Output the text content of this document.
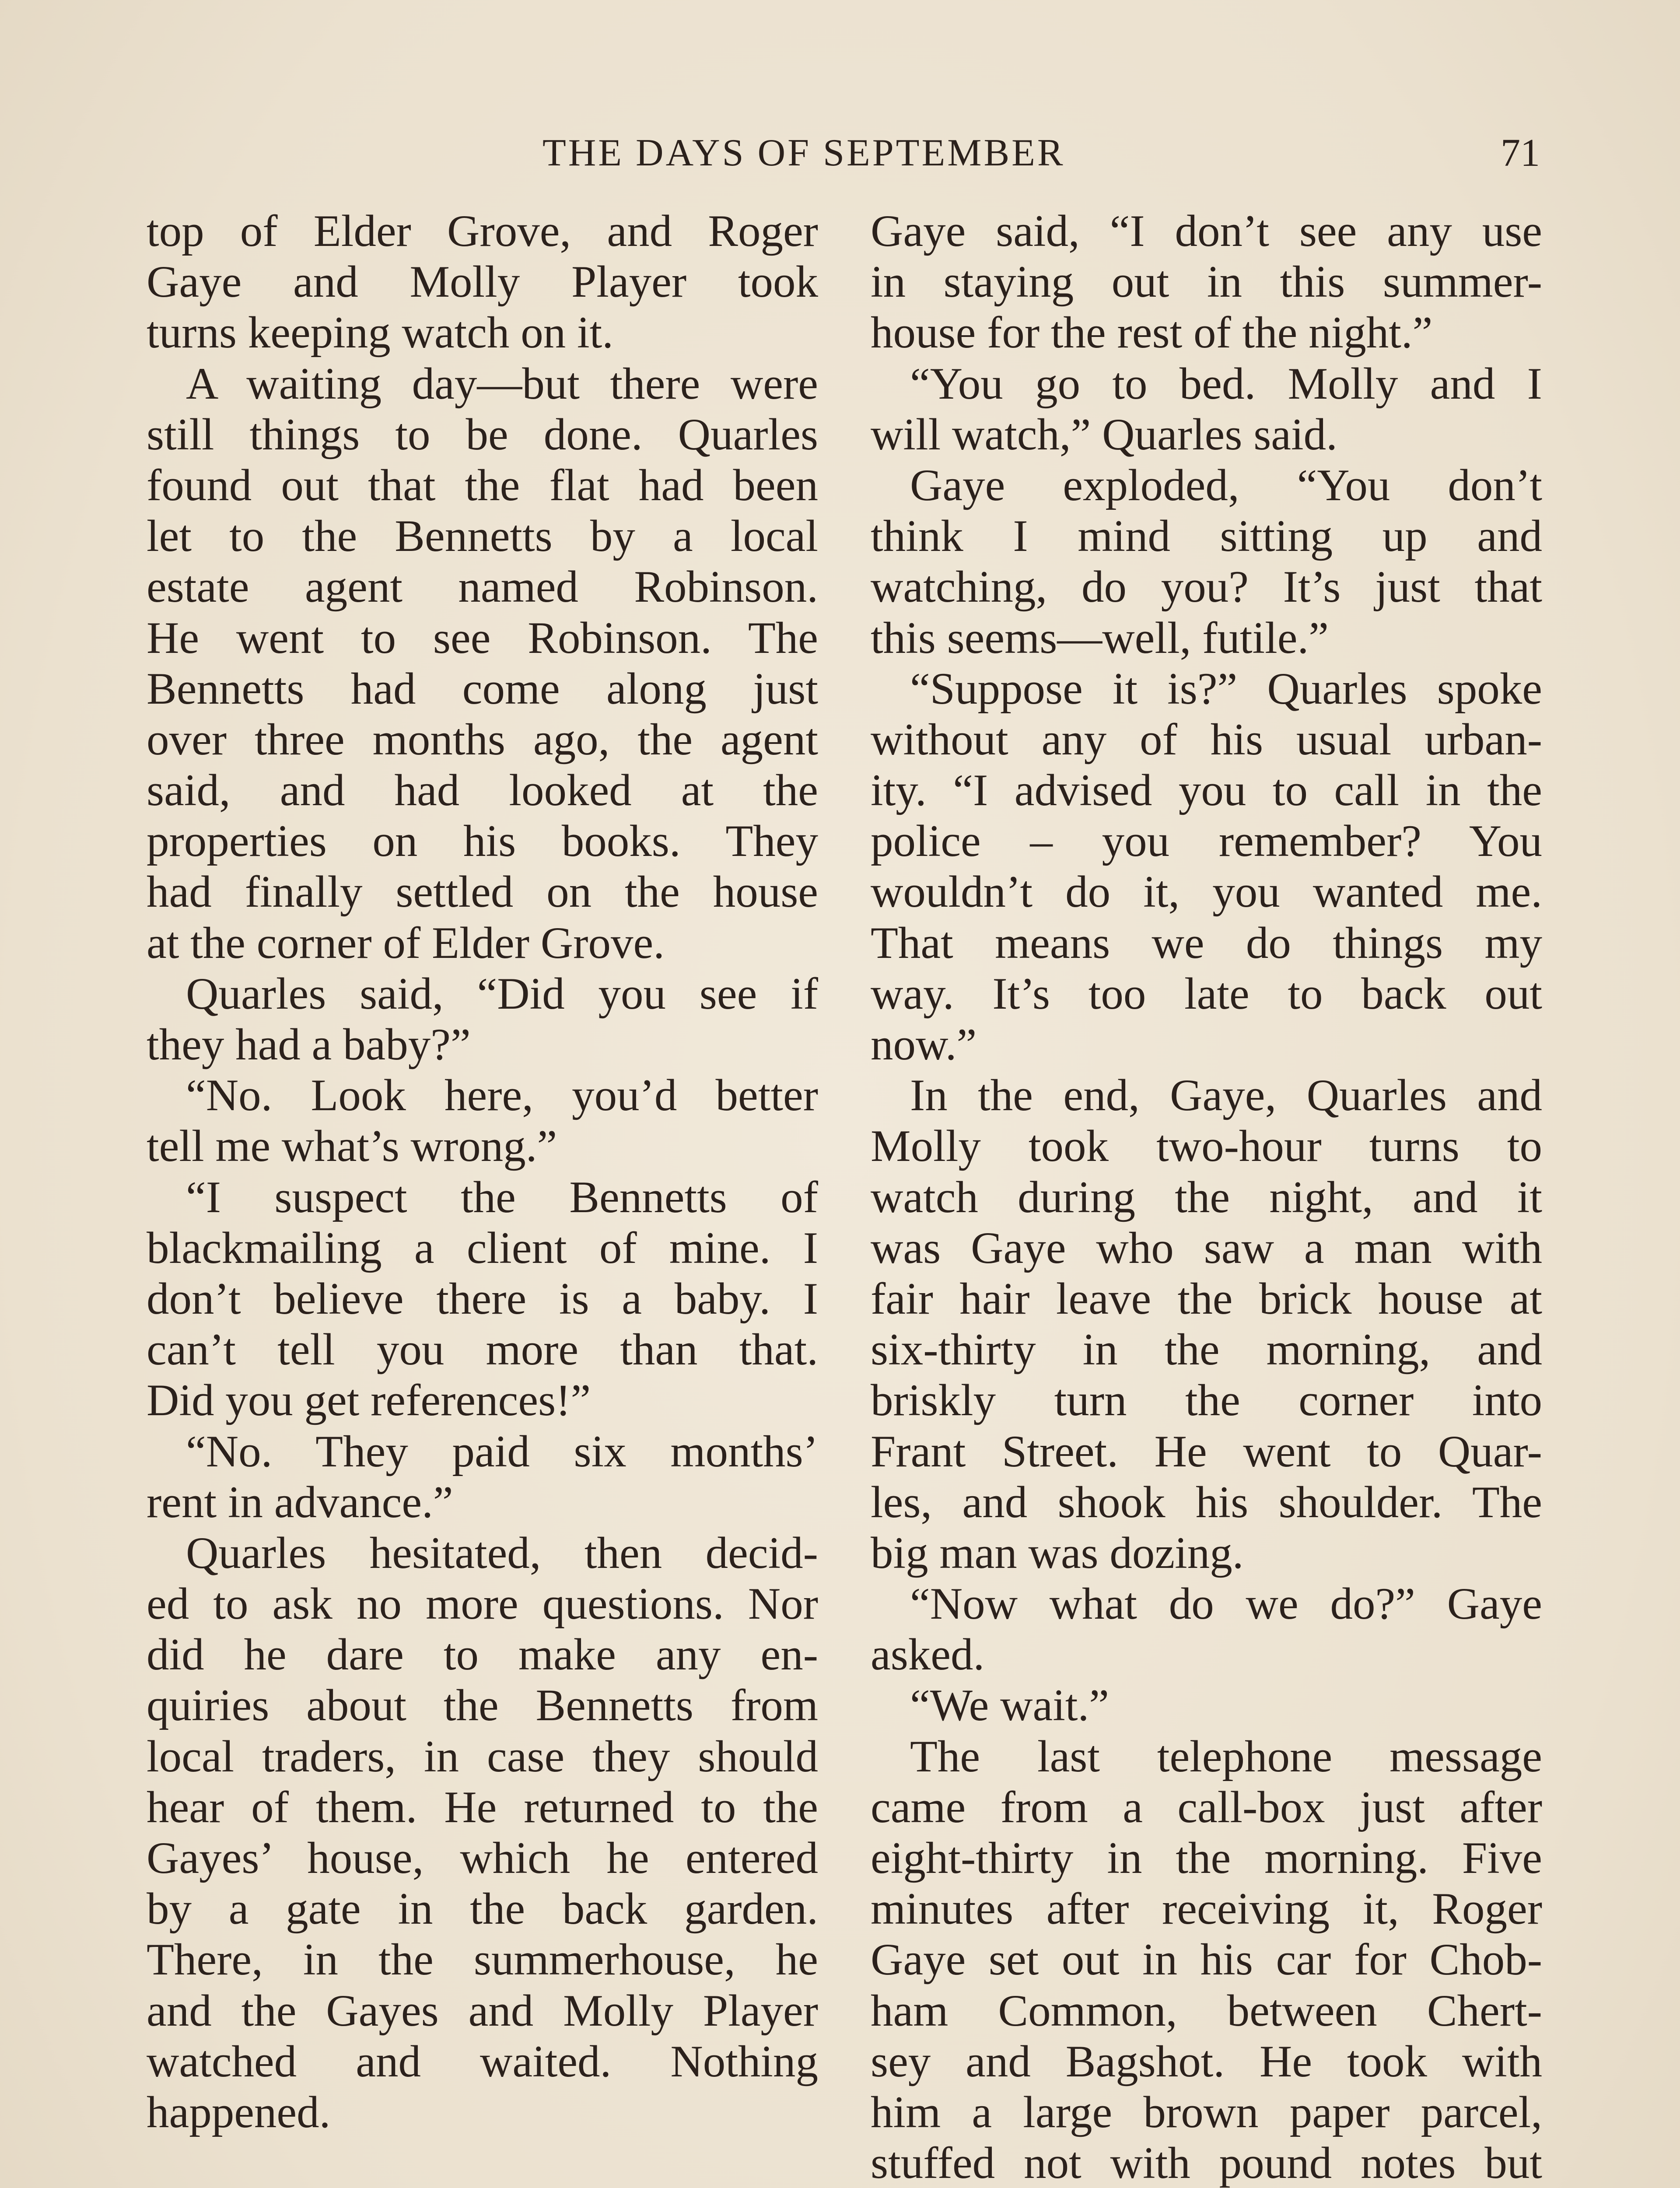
THE DAYS OF SEPTEMBER	71
top of Elder Grove, and Roger
Gaye and Molly Player took
turns keeping watch on it.
A waiting day—but there were
still things to be done. Quarles
found out that the flat had been
let to the Bennetts by a local
estate agent named Robinson.
He went to see Robinson. The
Bennetts had come along just
over three months ago, the agent
said, and had looked at the
properties on his books. They
had finally settled on the house
at the corner of Elder Grove.
Quarles said, “Did you see if
they had a baby?”
“No. Look here, you’d better
tell me what’s wrong.”
“I suspect the Bennetts of
blackmailing a client of mine. I
don’t believe there is a baby. I
can’t tell you more than that.
Did you get references!”
“No. They paid six months’
rent in advance.”
Quarles hesitated, then decid-
ed to ask no more questions. Nor
did he dare to make any en-
quiries about the Bennetts from
local traders, in case they should
hear of them. He returned to the
Gayes’ house, which he entered
by a gate in the back garden.
There, in the summerhouse, he
and the Gayes and Molly Player
watched and waited. Nothing
happened.
Gaye said, “I don’t see any use
in staying out in this summer-
house for the rest of the night.”
“You go to bed. Molly and I
will watch,” Quarles said.
Gaye exploded, “You don’t
think I mind sitting up and
watching, do you? It’s just that
this seems—well, futile.”
“Suppose it is?” Quarles spoke
without any of his usual urban-
ity. “I advised you to call in the
police – you remember? You
wouldn’t do it, you wanted me.
That means we do things my
way. It’s too late to back out
now.”
In the end, Gaye, Quarles and
Molly took two-hour turns to
watch during the night, and it
was Gaye who saw a man with
fair hair leave the brick house at
six-thirty in the morning, and
briskly turn the corner into
Frant Street. He went to Quar-
les, and shook his shoulder. The
big man was dozing.
“Now what do we do?” Gaye
asked.
“We wait.”
The last telephone message
came from a call-box just after
eight-thirty in the morning. Five
minutes after receiving it, Roger
Gaye set out in his car for Chob-
ham Common, between Chert-
sey and Bagshot. He took with
him a large brown paper parcel,
stuffed not with pound notes but
